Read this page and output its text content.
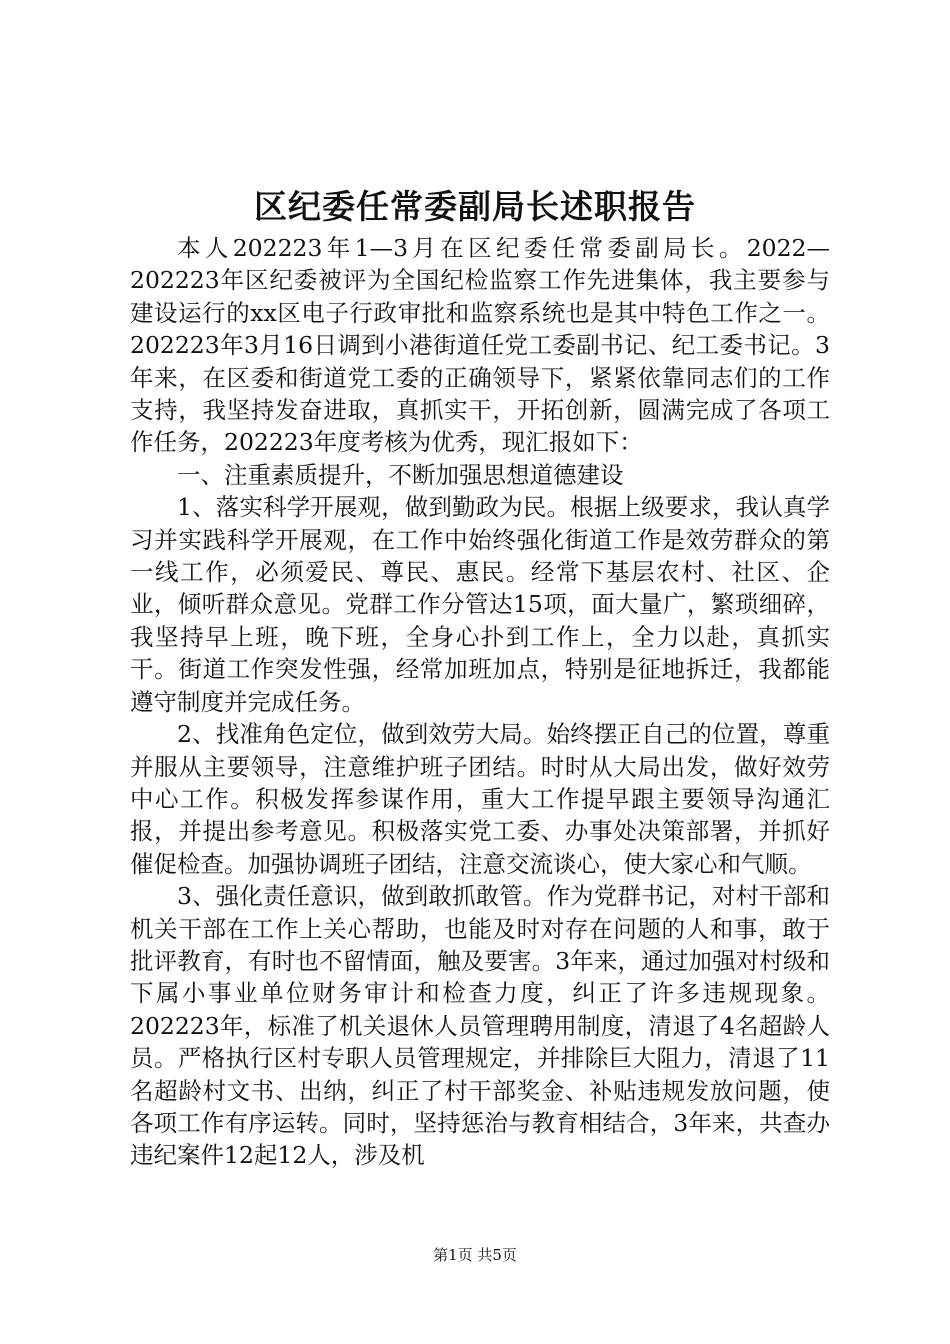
区纪委任常委副局长述职报告

本人202223年1—3月在区纪委任常委副局长。2022—202223年区纪委被评为全国纪检监察工作先进集体，我主要参与建设运行的xx区电子行政审批和监察系统也是其中特色工作之一。202223年3月16日调到小港街道任党工委副书记、纪工委书记。3年来，在区委和街道党工委的正确领导下，紧紧依靠同志们的工作支持，我坚持发奋进取，真抓实干，开拓创新，圆满完成了各项工作任务，202223年度考核为优秀，现汇报如下：

一、注重素质提升，不断加强思想道德建设

1、落实科学开展观，做到勤政为民。根据上级要求，我认真学习并实践科学开展观，在工作中始终强化街道工作是效劳群众的第一线工作，必须爱民、尊民、惠民。经常下基层农村、社区、企业，倾听群众意见。党群工作分管达15项，面大量广，繁琐细碎，我坚持早上班，晚下班，全身心扑到工作上，全力以赴，真抓实干。街道工作突发性强，经常加班加点，特别是征地拆迁，我都能遵守制度并完成任务。

2、找准角色定位，做到效劳大局。始终摆正自己的位置，尊重并服从主要领导，注意维护班子团结。时时从大局出发，做好效劳中心工作。积极发挥参谋作用，重大工作提早跟主要领导沟通汇报，并提出参考意见。积极落实党工委、办事处决策部署，并抓好催促检查。加强协调班子团结，注意交流谈心，使大家心和气顺。

3、强化责任意识，做到敢抓敢管。作为党群书记，对村干部和机关干部在工作上关心帮助，也能及时对存在问题的人和事，敢于批评教育，有时也不留情面，触及要害。3年来，通过加强对村级和下属小事业单位财务审计和检查力度，纠正了许多违规现象。202223年，标准了机关退休人员管理聘用制度，清退了4名超龄人员。严格执行区村专职人员管理规定，并排除巨大阻力，清退了11名超龄村文书、出纳，纠正了村干部奖金、补贴违规发放问题，使各项工作有序运转。同时，坚持惩治与教育相结合，3年来，共查办违纪案件12起12人，涉及机

第1页 共5页
